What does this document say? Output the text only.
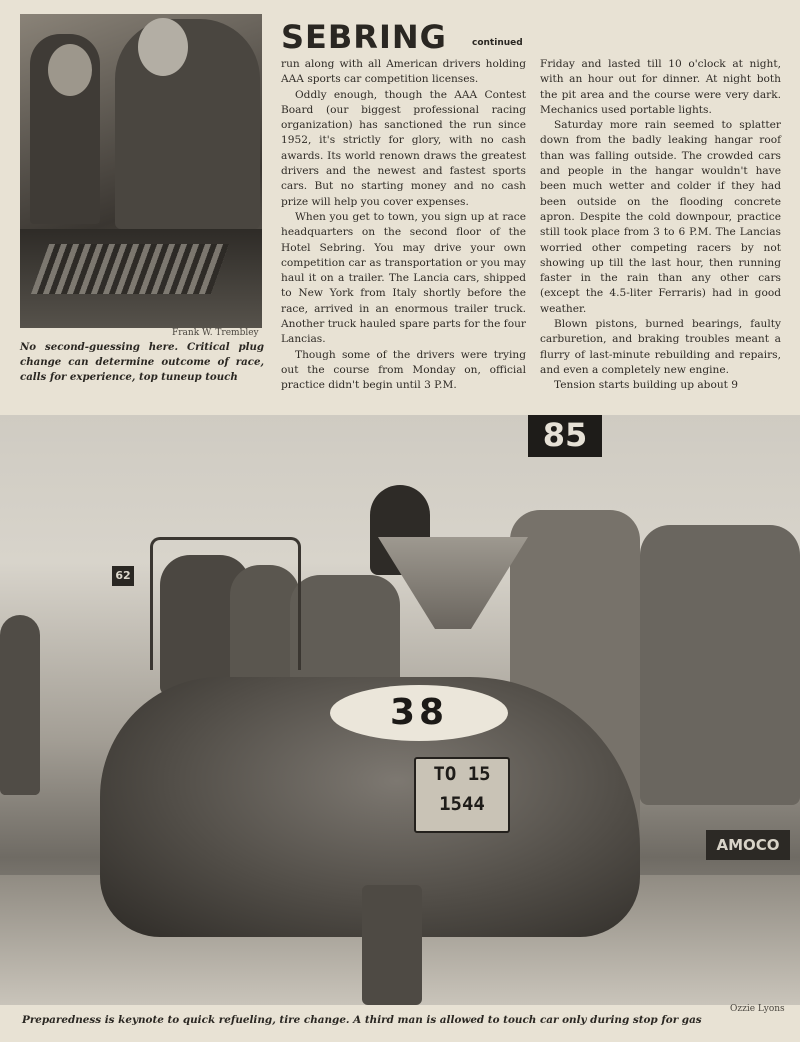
Frank W. Trembley
No second-guessing here. Critical plug change can determine outcome of race, calls for experience, top tuneup touch
SEBRING	continued

run along with all American drivers holding AAA sports car competition licenses.

Oddly enough, though the AAA Contest Board (our biggest professional racing organization) has sanctioned the run since 1952, it's strictly for glory, with no cash awards. Its world renown draws the greatest drivers and the newest and fastest sports cars. But no starting money and no cash prize will help you cover expenses.

When you get to town, you sign up at race headquarters on the second floor of the Hotel Sebring. You may drive your own competition car as transportation or you may haul it on a trailer. The Lancia cars, shipped to New York from Italy shortly before the race, arrived in an enormous trailer truck. Another truck hauled spare parts for the four Lancias.

Though some of the drivers were trying out the course from Monday on, official practice didn't begin until 3 P.M.

Friday and lasted till 10 o'clock at night, with an hour out for dinner. At night both the pit area and the course were very dark. Mechanics used portable lights.

Saturday more rain seemed to splatter down from the badly leaking hangar roof than was falling outside. The crowded cars and people in the hangar wouldn't have been much wetter and colder if they had been outside on the flooding concrete apron. Despite the cold downpour, practice still took place from 3 to 6 P.M. The Lancias worried other competing racers by not showing up till the last hour, then running faster in the rain than any other cars (except the 4.5-liter Ferraris) had in good weather.

Blown pistons, burned bearings, faulty carburetion, and braking troubles meant a flurry of last-minute rebuilding and repairs, and even a completely new engine.

Tension starts building up about 9

85
62
38
TO 15
1544
AMOCO
Ozzie Lyons
Preparedness is keynote to quick refueling, tire change. A third man is allowed to touch car only during stop for gas
